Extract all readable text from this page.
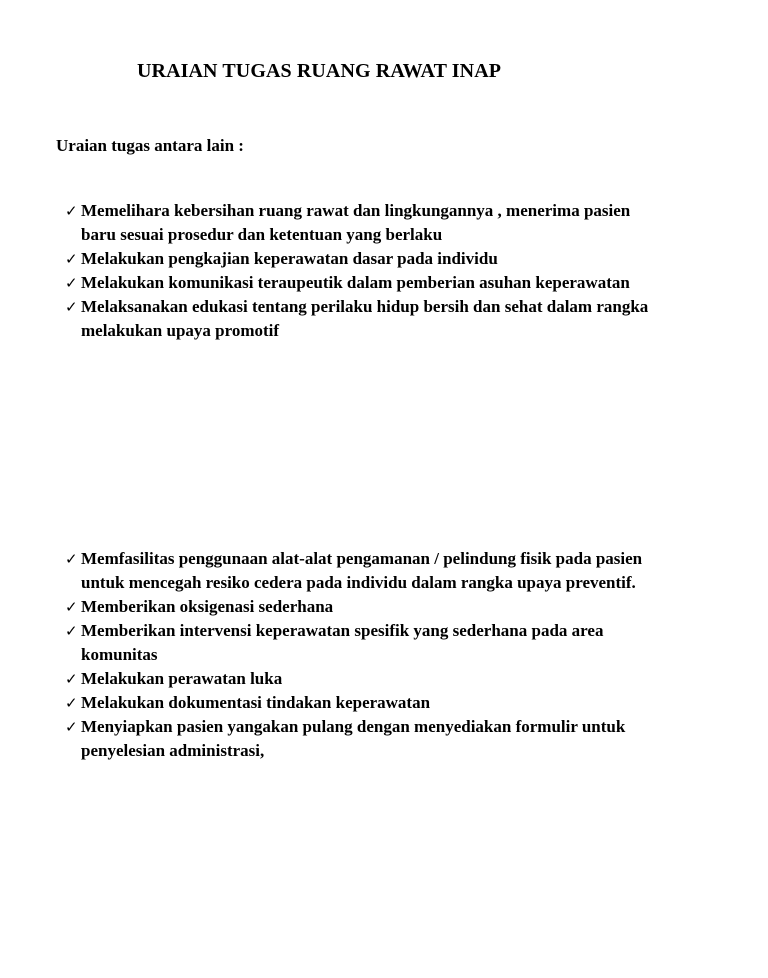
URAIAN TUGAS RUANG RAWAT INAP
Uraian tugas antara lain :
✓ Memelihara kebersihan ruang rawat dan lingkungannya , menerima pasien baru sesuai prosedur dan ketentuan yang berlaku
✓ Melakukan pengkajian keperawatan dasar pada individu
✓ Melakukan komunikasi teraupeutik dalam pemberian asuhan keperawatan
✓ Melaksanakan edukasi tentang perilaku hidup bersih dan sehat dalam rangka melakukan upaya promotif
✓ Memfasilitas penggunaan alat-alat pengamanan / pelindung fisik pada pasien untuk mencegah resiko cedera pada individu dalam rangka upaya preventif.
✓ Memberikan oksigenasi sederhana
✓ Memberikan intervensi keperawatan spesifik yang sederhana pada area komunitas
✓ Melakukan perawatan luka
✓ Melakukan dokumentasi tindakan keperawatan
✓ Menyiapkan pasien yangakan pulang dengan menyediakan formulir untuk penyelesian administrasi,
